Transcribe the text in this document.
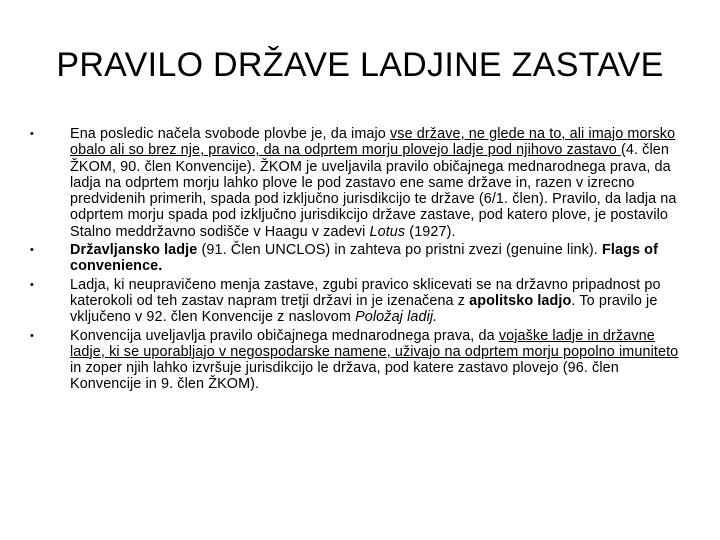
PRAVILO DRŽAVE LADJINE ZASTAVE
•	Ena posledic načela svobode plovbe je, da imajo vse države, ne glede na to, ali imajo morsko obalo ali so brez nje, pravico, da na odprtem morju plovejo ladje pod njihovo zastavo (4. člen ŽKOM, 90. člen Konvencije). ŽKOM je uveljavila pravilo običajnega mednarodnega prava, da ladja na odprtem morju lahko plove le pod zastavo ene same države in, razen v izrecno predvidenih primerih, spada pod izključno jurisdikcijo te države (6/1. člen). Pravilo, da ladja na odprtem morju spada pod izključno jurisdikcijo države zastave, pod katero plove, je postavilo Stalno meddržavno sodišče v Haagu v zadevi Lotus (1927).
•	Državljansko ladje (91. Člen UNCLOS) in zahteva po pristni zvezi (genuine link). Flags of convenience.
•	Ladja, ki neupravičeno menja zastave, zgubi pravico sklicevati se na državno pripadnost po katerokoli od teh zastav napram tretji državi in je izenačena z apolitsko ladjo. To pravilo je vključeno v 92. člen Konvencije z naslovom Položaj ladij.
•	Konvencija uveljavlja pravilo običajnega mednarodnega prava, da vojaške ladje in državne ladje, ki se uporabljajo v negospodarske namene, uživajo na odprtem morju popolno imuniteto in zoper njih lahko izvršuje jurisdikcijo le država, pod katere zastavo plovejo (96. člen Konvencije in 9. člen ŽKOM).
